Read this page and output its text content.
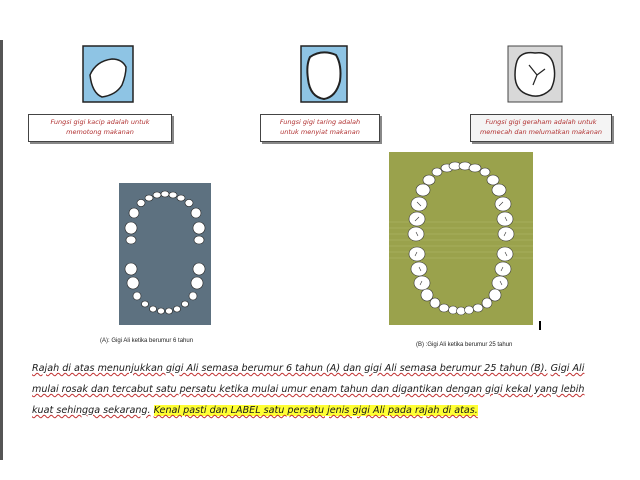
Fungsi gigi kacip adalah untuk
memotong makanan
Fungsi gigi taring adalah
untuk menyiat makanan
Fungsi gigi geraham adalah untuk
memecah dan melumatkan makanan
(A): Gigi Ali ketika berumur 6 tahun
(B) :Gigi Ali ketika berumur 25 tahun
Rajah di atas menunjukkan gigi Ali semasa berumur 6 tahun (A) dan gigi Ali semasa berumur 25 tahun (B). Gigi Ali mulai rosak dan tercabut satu persatu ketika mulai umur enam tahun dan digantikan dengan gigi kekal yang lebih kuat sehingga sekarang. Kenal pasti dan LABEL satu persatu jenis gigi Ali pada rajah di atas.
